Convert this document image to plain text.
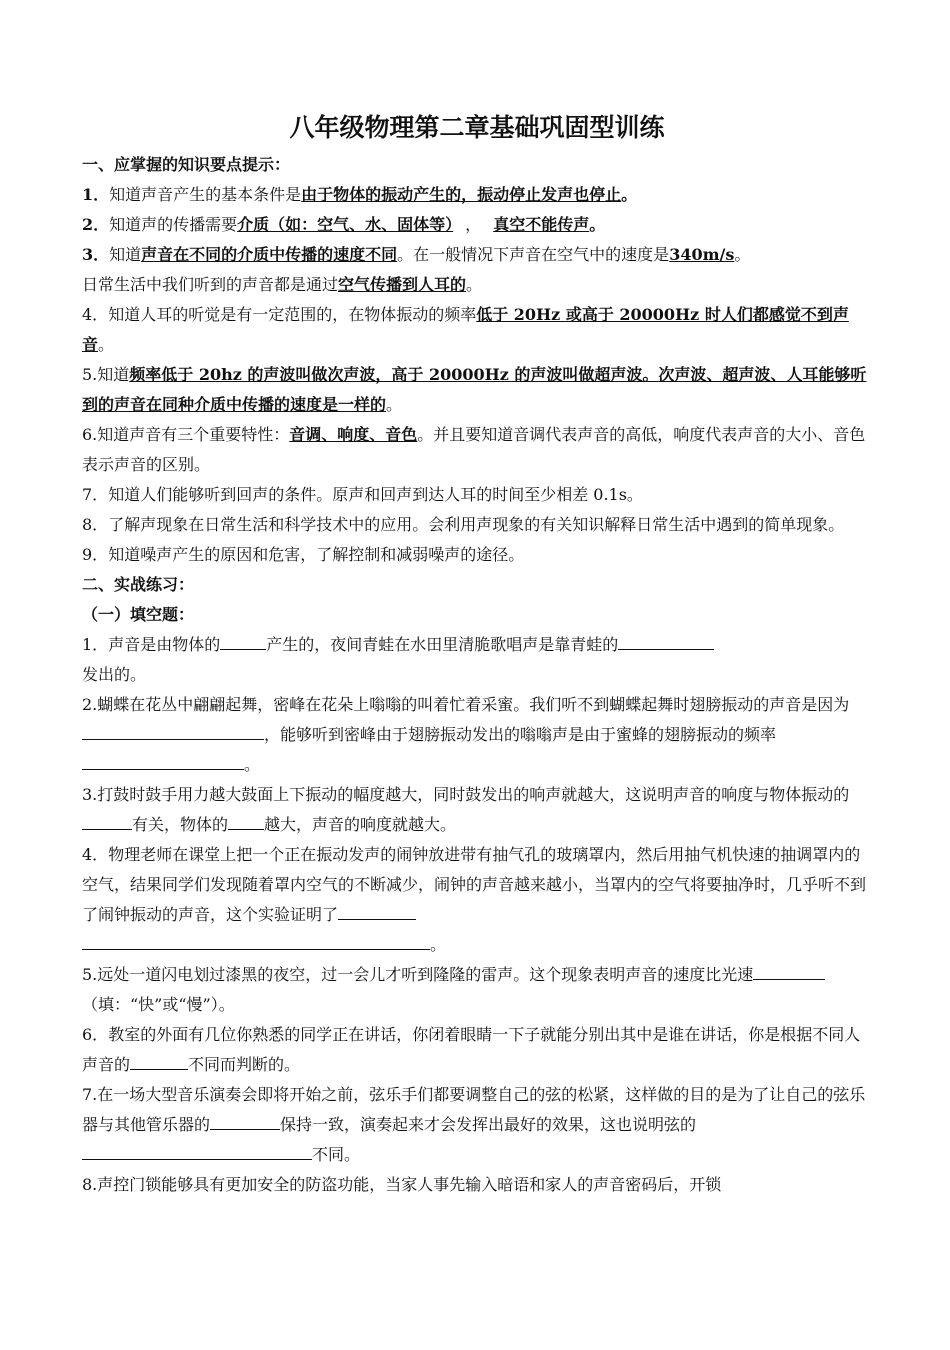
八年级物理第二章基础巩固型训练

一、应掌握的知识要点提示：

1．知道声音产生的基本条件是由于物体的振动产生的，振动停止发声也停止。

2．知道声的传播需要介质（如：空气、水、固体等） ， 真空不能传声。

3．知道声音在不同的介质中传播的速度不同。在一般情况下声音在空气中的速度是340m/s。

日常生活中我们听到的声音都是通过空气传播到人耳的。

4．知道人耳的听觉是有一定范围的，在物体振动的频率低于 20Hz 或高于 20000Hz 时人们都感觉不到声音。

5.知道频率低于 20hz 的声波叫做次声波，高于 20000Hz 的声波叫做超声波。次声波、超声波、人耳能够听到的声音在同种介质中传播的速度是一样的。

6.知道声音有三个重要特性：音调、响度、音色。并且要知道音调代表声音的高低，响度代表声音的大小、音色表示声音的区别。

7．知道人们能够听到回声的条件。原声和回声到达人耳的时间至少相差 0.1s。

8．了解声现象在日常生活和科学技术中的应用。会利用声现象的有关知识解释日常生活中遇到的简单现象。

9．知道噪声产生的原因和危害，了解控制和减弱噪声的途径。

二、实战练习：

（一）填空题：

1．声音是由物体的	产生的，夜间青蛙在水田里清脆歌唱声是靠青蛙的
发出的。

2.蝴蝶在花丛中翩翩起舞，密峰在花朵上嗡嗡的叫着忙着采蜜。我们听不到蝴蝶起舞时翅膀振动的声音是因为，能够听到密峰由于翅膀振动发出的嗡嗡声是由于蜜蜂的翅膀振动的频率。

3.打鼓时鼓手用力越大鼓面上下振动的幅度越大，同时鼓发出的响声就越大，这说明声音的响度与物体振动的有关，物体的 越大，声音的响度就越大。

4．物理老师在课堂上把一个正在振动发声的闹钟放进带有抽气孔的玻璃罩内，然后用抽气机快速的抽调罩内的空气，结果同学们发现随着罩内空气的不断减少，闹钟的声音越来越小，当罩内的空气将要抽净时，几乎听不到了闹钟振动的声音，这个实验证明了
。

5.远处一道闪电划过漆黑的夜空，过一会儿才听到隆隆的雷声。这个现象表明声音的速度比光速（填：“快”或“慢”）。

6．教室的外面有几位你熟悉的同学正在讲话，你闭着眼睛一下子就能分别出其中是谁在讲话，你是根据不同人声音的	不同而判断的。

7.在一场大型音乐演奏会即将开始之前，弦乐手们都要调整自己的弦的松紧，这样做的目的是为了让自己的弦乐器与其他管乐器的	保持一致，演奏起来才会发挥出最好的效果，这也说明弦的不同。

8.声控门锁能够具有更加安全的防盗功能，当家人事先输入暗语和家人的声音密码后，开锁
